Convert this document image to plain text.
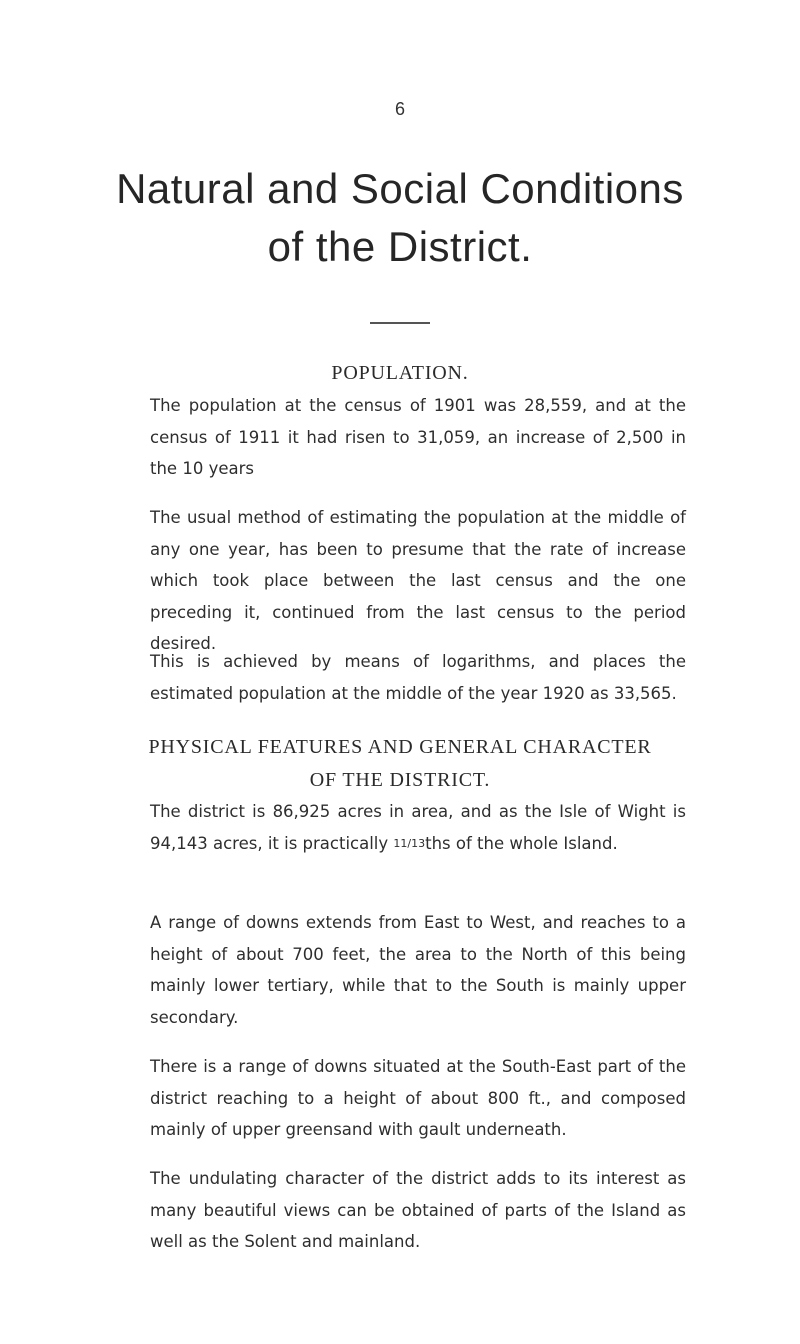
6
Natural and Social Conditions
of the District.
POPULATION.
The population at the census of 1901 was 28,559, and at the census of 1911 it had risen to 31,059, an increase of 2,500 in the 10 years
The usual method of estimating the population at the middle of any one year, has been to presume that the rate of increase which took place between the last census and the one preceding it, continued from the last census to the period desired.
This is achieved by means of logarithms, and places the estimated population at the middle of the year 1920 as 33,565.
PHYSICAL FEATURES AND GENERAL CHARACTER
OF THE DISTRICT.
The district is 86,925 acres in area, and as the Isle of Wight is 94,143 acres, it is practically 11/13ths of the whole Island.
A range of downs extends from East to West, and reaches to a height of about 700 feet, the area to the North of this being mainly lower tertiary, while that to the South is mainly upper secondary.
There is a range of downs situated at the South-East part of the district reaching to a height of about 800 ft., and composed mainly of upper greensand with gault underneath.
The undulating character of the district adds to its interest as many beautiful views can be obtained of parts of the Island as well as the Solent and mainland.
